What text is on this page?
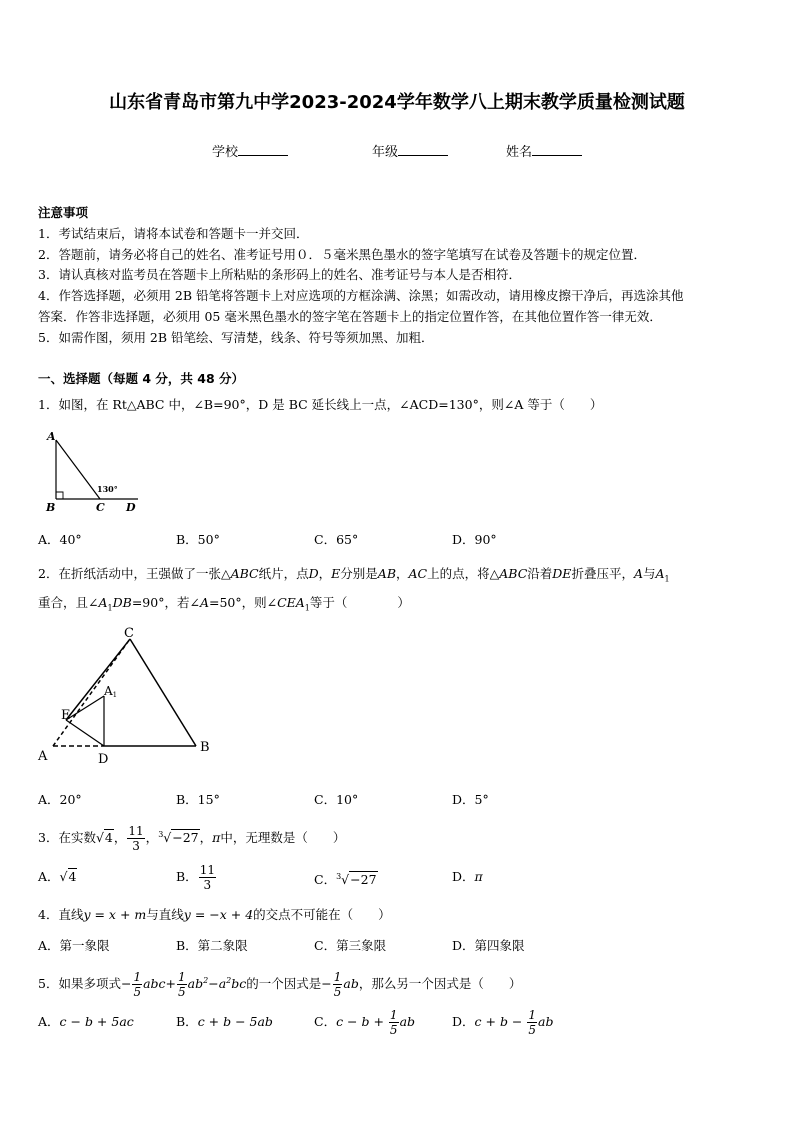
山东省青岛市第九中学2023-2024学年数学八上期末教学质量检测试题
学校	年级	姓名
注意事项
1．考试结束后，请将本试卷和答题卡一并交回．
2．答题前，请务必将自己的姓名、准考证号用０．５毫米黑色墨水的签字笔填写在试卷及答题卡的规定位置．
3．请认真核对监考员在答题卡上所粘贴的条形码上的姓名、准考证号与本人是否相符．
4．作答选择题，必须用 2B 铅笔将答题卡上对应选项的方框涂满、涂黑；如需改动，请用橡皮擦干净后，再选涂其他
答案．作答非选择题，必须用 05 毫米黑色墨水的签字笔在答题卡上的指定位置作答，在其他位置作答一律无效．
5．如需作图，须用 2B 铅笔绘、写清楚，线条、符号等须加黑、加粗．
一、选择题（每题 4 分，共 48 分）
1．如图，在 Rt△ABC 中，∠B=90°，D 是 BC 延长线上一点，∠ACD=130°，则∠A 等于（　　）
A
B	C D
130°
A．40°	B．50°	C．65°	D．90°
2．在折纸活动中，王强做了一张△ABC纸片，点D，E分别是AB，AC上的点，将△ABC沿着DE折叠压平，A与$A_1$
重合，且$\angle A_1DB=90^\circ$，若∠A=50°，则$\angle CEA_1$等于（　　　　）
C
A1
E
A	D
B
A．20°	B．15°	C．10°	D．5°
3．在实数√4， $\frac{11}{3}$ ，$^3$√−27，π中，无理数是（　　）
A．√4	B． $\frac{11}{3}$	C．$^3$√−27	D．π
4．直线y = x + m与直线y = −x + 4的交点不可能在（　　）
A．第一象限	B．第二象限	C．第三象限	D．第四象限
5．如果多项式− $\frac{1}{5} abc+ \frac{1}{5} ab^2-a^2bc$的一个因式是− $\frac{1}{5}$ ab，那么另一个因式是（　　）
A．c − b + 5ac	B．c + b − 5ab	C．$c - b + \frac{1}{5}$ ab	D．$c + b - \frac{1}{5}$ ab
